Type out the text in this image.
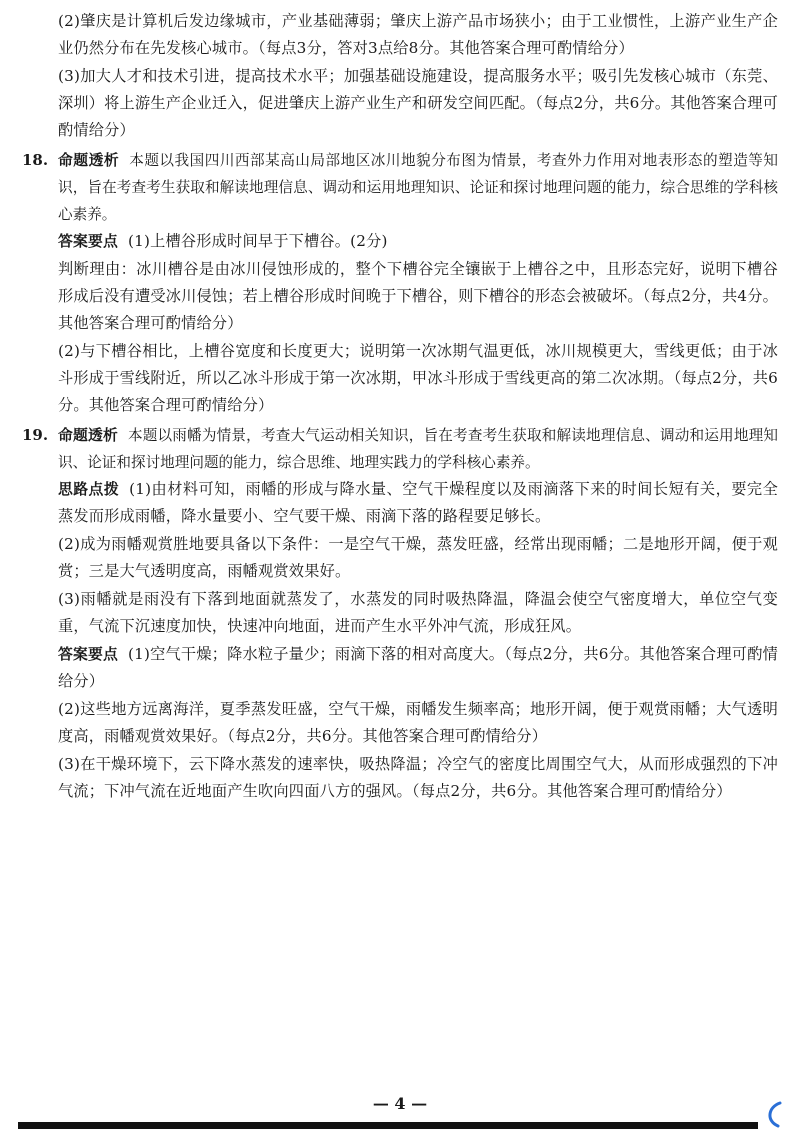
(2)肇庆是计算机后发边缘城市，产业基础薄弱；肇庆上游产品市场狭小；由于工业惯性，上游产业生产企业仍然分布在先发核心城市。（每点3分，答对3点给8分。其他答案合理可酌情给分）

(3)加大人才和技术引进，提高技术水平；加强基础设施建设，提高服务水平；吸引先发核心城市（东莞、深圳）将上游生产企业迁入，促进肇庆上游产业生产和研发空间匹配。（每点2分，共6分。其他答案合理可酌情给分）

18. 命题透析 本题以我国四川西部某高山局部地区冰川地貌分布图为情景，考查外力作用对地表形态的塑造等知识，旨在考查考生获取和解读地理信息、调动和运用地理知识、论证和探讨地理问题的能力，综合思维的学科核心素养。

答案要点 (1)上槽谷形成时间早于下槽谷。(2分)

判断理由：冰川槽谷是由冰川侵蚀形成的，整个下槽谷完全镶嵌于上槽谷之中，且形态完好，说明下槽谷形成后没有遭受冰川侵蚀；若上槽谷形成时间晚于下槽谷，则下槽谷的形态会被破坏。（每点2分，共4分。其他答案合理可酌情给分）

(2)与下槽谷相比，上槽谷宽度和长度更大；说明第一次冰期气温更低，冰川规模更大，雪线更低；由于冰斗形成于雪线附近，所以乙冰斗形成于第一次冰期，甲冰斗形成于雪线更高的第二次冰期。（每点2分，共6分。其他答案合理可酌情给分）

19. 命题透析 本题以雨幡为情景，考查大气运动相关知识，旨在考查考生获取和解读地理信息、调动和运用地理知识、论证和探讨地理问题的能力，综合思维、地理实践力的学科核心素养。

思路点拨 (1)由材料可知，雨幡的形成与降水量、空气干燥程度以及雨滴落下来的时间长短有关，要完全蒸发而形成雨幡，降水量要小、空气要干燥、雨滴下落的路程要足够长。

(2)成为雨幡观赏胜地要具备以下条件：一是空气干燥，蒸发旺盛，经常出现雨幡；二是地形开阔，便于观赏；三是大气透明度高，雨幡观赏效果好。

(3)雨幡就是雨没有下落到地面就蒸发了，水蒸发的同时吸热降温，降温会使空气密度增大，单位空气变重，气流下沉速度加快，快速冲向地面，进而产生水平外冲气流，形成狂风。

答案要点 (1)空气干燥；降水粒子量少；雨滴下落的相对高度大。（每点2分，共6分。其他答案合理可酌情给分）

(2)这些地方远离海洋，夏季蒸发旺盛，空气干燥，雨幡发生频率高；地形开阔，便于观赏雨幡；大气透明度高，雨幡观赏效果好。（每点2分，共6分。其他答案合理可酌情给分）

(3)在干燥环境下，云下降水蒸发的速率快，吸热降温；冷空气的密度比周围空气大，从而形成强烈的下冲气流；下冲气流在近地面产生吹向四面八方的强风。（每点2分，共6分。其他答案合理可酌情给分）

— 4 —
